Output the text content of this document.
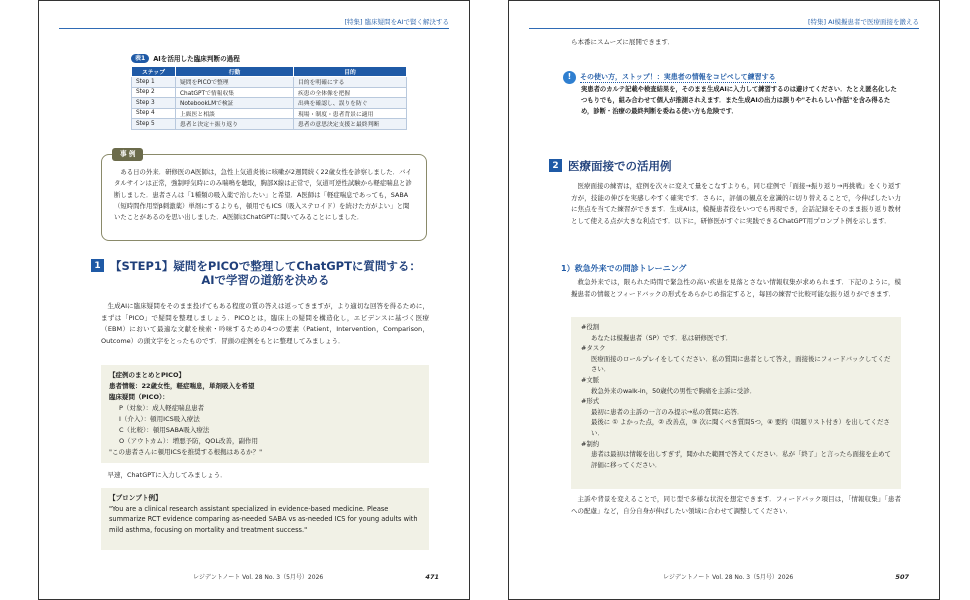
[特集] 臨床疑問をAIで賢く解決する
表1	AIを活用した臨床判断の過程
ステップ	行動	目的
Step 1	疑問をPICOで整理	目的を明確にする
Step 2	ChatGPTで情報収集	疾患の全体像を把握
Step 3	NotebookLMで検証	出典を確認し、誤りを防ぐ
Step 4	上級医と相談	現場・制度・患者背景に適用
Step 5	患者と決定＋振り返り	患者の意思決定支援と最終判断
事 例

ある日の外来．研修医のA医師は，急性上気道炎後に咳嗽が2週間続く22歳女性を診察しました．バイタルサインは正常，強制呼気時にのみ喘鳴を聴取，胸部X線は正常で，気道可逆性試験から軽症喘息と診断しました．患者さんは「1種類の吸入薬で治したい」と希望．A医師は「軽症喘息であっても，SABA（短時間作用型β刺激薬）単剤にするよりも，頓用でもICS（吸入ステロイド）を続けた方がよい」と聞いたことがあるのを思い出しました．A医師はChatGPTに聞いてみることにしました．

1 【STEP1】疑問をPICOで整理してChatGPTに質問する：
AIで学習の道筋を決める

生成AIに臨床疑問をそのまま投げてもある程度の質の答えは返ってきますが，より適切な回答を得るために，まずは「PICO」で疑問を整理しましょう．PICOとは，臨床上の疑問を構造化し，エビデンスに基づく医療（EBM）において最適な文献を検索・吟味するための4つの要素（Patient，Intervention，Comparison，Outcome）の頭文字をとったものです．冒頭の症例をもとに整理してみましょう．

【症例のまとめとPICO】
患者情報：22歳女性，軽症喘息，単剤吸入を希望
臨床疑問（PICO）：
P（対象）：成人軽症喘息患者
I（介入）：頓用ICS吸入療法
C（比較）：頓用SABA吸入療法
O（アウトカム）：増悪予防，QOL改善，副作用
"この患者さんに頓用ICSを推奨する根拠はあるか？"

早速，ChatGPTに入力してみましょう．

【プロンプト例】
"You are a clinical research assistant specialized in evidence-based medicine. Please summarize RCT evidence comparing as-needed SABA vs as-needed ICS for young adults with mild asthma, focusing on mortality and treatment success."
レジデントノート Vol. 28 No. 3（5月号）2026	471
[特集] AI模擬患者で医療面接を鍛える

ら本番にスムーズに展開できます．

!	その使い方，ストップ！：実患者の情報をコピペして練習する
実患者のカルテ記載や検査結果を，そのまま生成AIに入力して練習するのは避けてください．たとえ匿名化したつもりでも，組み合わせて個人が推測されえます．また生成AIの出力は誤りや"それらしい作話"を含み得るため，診断・治療の最終判断を委ねる使い方も危険です．
2 医療面接での活用例

医療面接の練習は，症例を次々に変えて量をこなすよりも，同じ症例で「面接→振り返り→再挑戦」をくり返す方が，技能の伸びを実感しやすく確実です．さらに，評価の観点を意識的に切り替えることで，今伸ばしたい力に焦点を当てた練習ができます．生成AIは，模擬患者役をいつでも再現でき，会話記録をそのまま振り返り教材として使える点が大きな利点です．以下に，研修医がすぐに実践できるChatGPT用プロンプト例を示します．

1）救急外来での問診トレーニング

救急外来では，限られた時間で緊急性の高い疾患を見落とさない情報収集が求められます．下記のように，模擬患者の情報とフィードバックの形式をあらかじめ指定すると，毎回の練習で比較可能な振り返りができます．

#役割
あなたは模擬患者（SP）です．私は研修医です．
#タスク
医療面接のロールプレイをしてください．私の質問に患者として答え，面接後にフィードバックしてください．
#文脈
救急外来のwalk-in，50歳代の男性で胸痛を主訴に受診．
#形式
最初に患者の主訴の一言のみ提示→私の質問に応答．
最後に ① よかった点，② 改善点，③ 次に聞くべき質問5つ，④ 要約（問題リスト付き）を出してください．
#制約
患者は最初は情報を出しすぎず，聞かれた範囲で答えてください．私が「終了」と言ったら面接を止めて評価に移ってください．

主訴や背景を変えることで，同じ型で多様な状況を想定できます．フィードバック項目は，「情報収集」「患者への配慮」など，自分自身が伸ばしたい領域に合わせて調整してください．

レジデントノート Vol. 28 No. 3（5月号）2026	507
